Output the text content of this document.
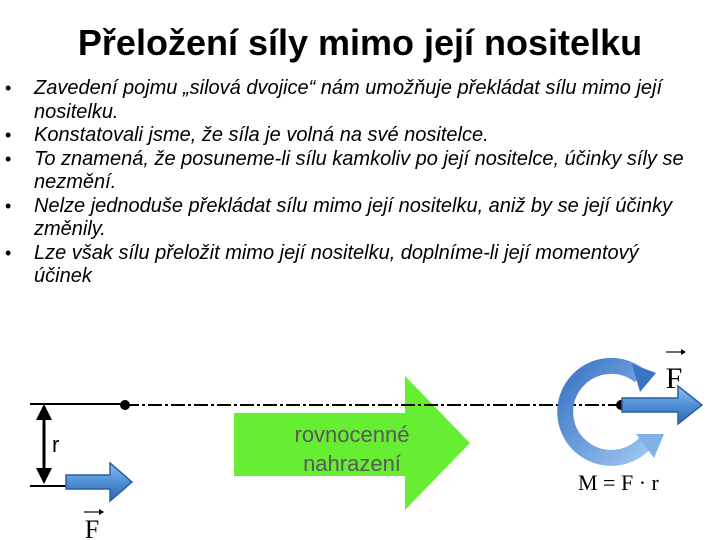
Přeložení síly mimo její nositelku
• Zavedení pojmu „silová dvojice“ nám umožňuje překládat sílu mimo její nositelku.
• Konstatovali jsme, že síla je volná na své nositelce.
• To znamená, že posuneme-li sílu kamkoliv po její nositelce, účinky síly se nezmění.
• Nelze jednoduše překládat sílu mimo její nositelku, aniž by se její účinky změnily.
• Lze však sílu přeložit mimo její nositelku, doplníme-li její momentový účinek
rovnocenné
nahrazení
r
F
F
M = F · r
